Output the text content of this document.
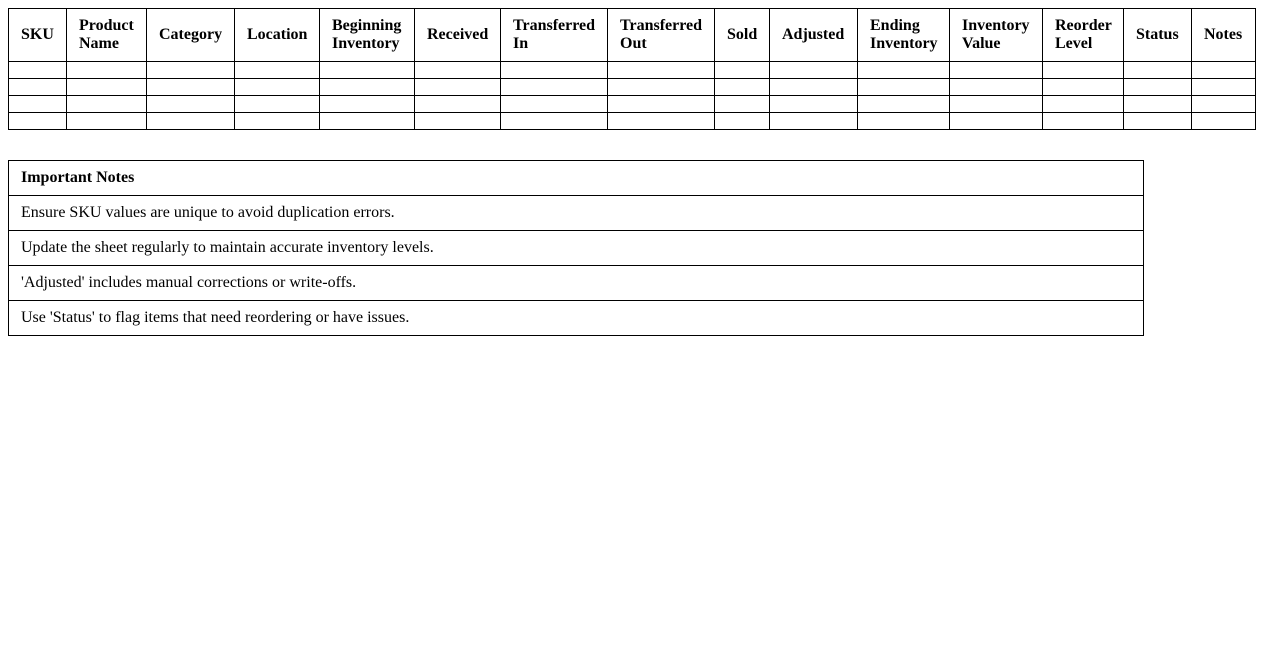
SKU	Product Name	Category	Location	Beginning Inventory	Received	Transferred In	Transferred Out	Sold	Adjusted	Ending Inventory	Inventory Value	Reorder Level	Status	Notes

Important Notes
Ensure SKU values are unique to avoid duplication errors.
Update the sheet regularly to maintain accurate inventory levels.
'Adjusted' includes manual corrections or write-offs.
Use 'Status' to flag items that need reordering or have issues.
